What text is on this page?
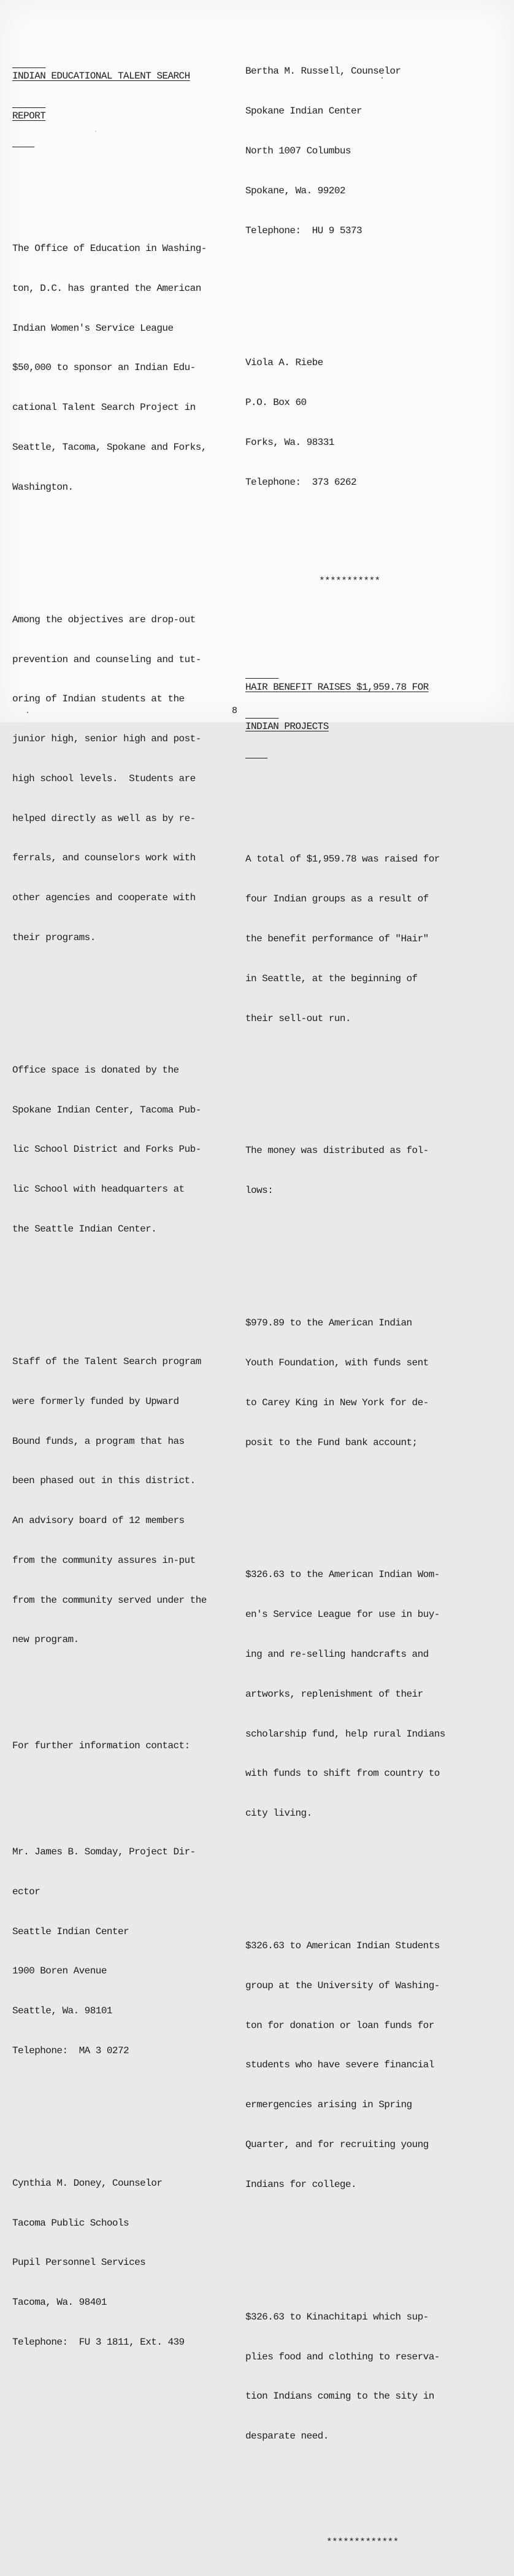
INDIAN EDUCATIONAL TALENT SEARCH

REPORT

The Office of Education in Washing-

ton, D.C. has granted the American

Indian Women's Service League

$50,000 to sponsor an Indian Edu-

cational Talent Search Project in

Seattle, Tacoma, Spokane and Forks,

Washington.

Among the objectives are drop-out

prevention and counseling and tut-

oring of Indian students at the

junior high, senior high and post-

high school levels.  Students are

helped directly as well as by re-

ferrals, and counselors work with

other agencies and cooperate with

their programs.

Office space is donated by the

Spokane Indian Center, Tacoma Pub-

lic School District and Forks Pub-

lic School with headquarters at

the Seattle Indian Center.

Staff of the Talent Search program

were formerly funded by Upward

Bound funds, a program that has

been phased out in this district.

An advisory board of 12 members

from the community assures in-put

from the community served under the

new program.

For further information contact:

Mr. James B. Somday, Project Dir-

ector

Seattle Indian Center

1900 Boren Avenue

Seattle, Wa. 98101

Telephone:  MA 3 0272

Cynthia M. Doney, Counselor

Tacoma Public Schools

Pupil Personnel Services

Tacoma, Wa. 98401

Telephone:  FU 3 1811, Ext. 439

Bertha M. Russell, Counselor

Spokane Indian Center

North 1007 Columbus

Spokane, Wa. 99202

Telephone:  HU 9 5373

Viola A. Riebe

P.O. Box 60

Forks, Wa. 98331

Telephone:  373 6262

***********

HAIR BENEFIT RAISES $1,959.78 FOR

INDIAN PROJECTS

A total of $1,959.78 was raised for

four Indian groups as a result of

the benefit performance of "Hair"

in Seattle, at the beginning of

their sell-out run.

The money was distributed as fol-

lows:

$979.89 to the American Indian

Youth Foundation, with funds sent

to Carey King in New York for de-

posit to the Fund bank account;

$326.63 to the American Indian Wom-

en's Service League for use in buy-

ing and re-selling handcrafts and

artworks, replenishment of their

scholarship fund, help rural Indians

with funds to shift from country to

city living.

$326.63 to American Indian Students

group at the University of Washing-

ton for donation or loan funds for

students who have severe financial

ermergencies arising in Spring

Quarter, and for recruiting young

Indians for college.

$326.63 to Kinachitapi which sup-

plies food and clothing to reserva-

tion Indians coming to the sity in

desparate need.

*************

8
